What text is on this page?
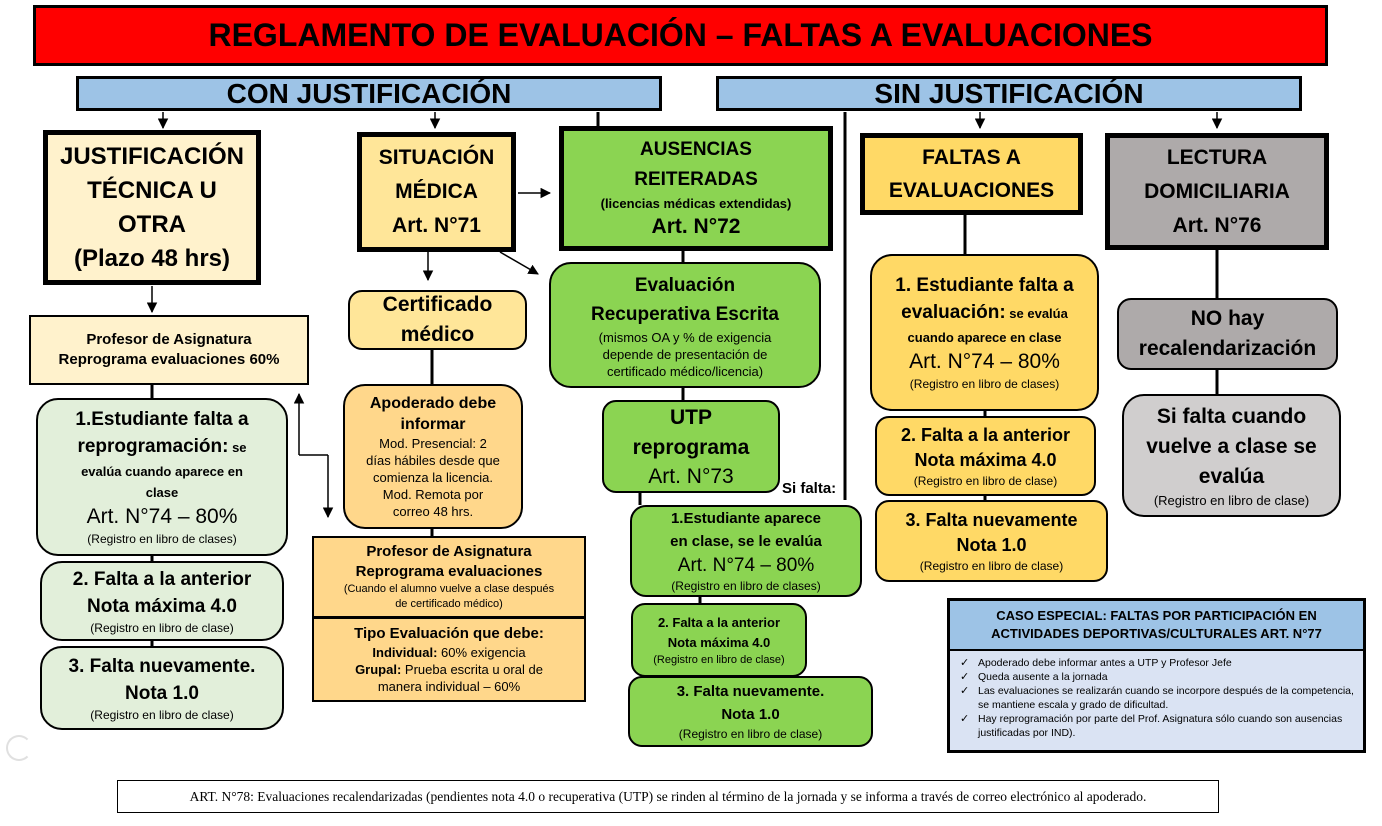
REGLAMENTO DE EVALUACIÓN – FALTAS A EVALUACIONES
CON JUSTIFICACIÓN	SIN JUSTIFICACIÓN
JUSTIFICACIÓN
TÉCNICA U
OTRA
(Plazo 48 hrs)
Profesor de Asignatura
Reprograma evaluaciones 60%
1.Estudiante falta a
reprogramación: se
evalúa cuando aparece en
clase
Art. N°74 – 80%
(Registro en libro de clases)
2. Falta a la anterior
Nota máxima 4.0
(Registro en libro de clase)
3. Falta nuevamente.
Nota 1.0
(Registro en libro de clase)
SITUACIÓN
MÉDICA
Art. N°71
Certificado
médico
Apoderado debe
informar
Mod. Presencial: 2
días hábiles desde que
comienza la licencia.
Mod. Remota por
correo 48 hrs.
Profesor de Asignatura
Reprograma evaluaciones
(Cuando el alumno vuelve a clase después
de certificado médico)
Tipo Evaluación que debe:
Individual: 60% exigencia
Grupal: Prueba escrita u oral de
manera individual – 60%
AUSENCIAS
REITERADAS
(licencias médicas extendidas)
Art. N°72
Evaluación
Recuperativa Escrita
(mismos OA y % de exigencia
depende de presentación de
certificado médico/licencia)
UTP
reprograma
Art. N°73
Si falta:
1.Estudiante aparece
en clase, se le evalúa
Art. N°74 – 80%
(Registro en libro de clases)
2. Falta a la anterior
Nota máxima 4.0
(Registro en libro de clase)
3. Falta nuevamente.
Nota 1.0
(Registro en libro de clase)
FALTAS A
EVALUACIONES
1. Estudiante falta a
evaluación: se evalúa
cuando aparece en clase
Art. N°74 – 80%
(Registro en libro de clases)
2. Falta a la anterior
Nota máxima 4.0
(Registro en libro de clase)
3. Falta nuevamente
Nota 1.0
(Registro en libro de clase)
LECTURA
DOMICILIARIA
Art. N°76
NO hay
recalendarización
Si falta cuando
vuelve a clase se
evalúa
(Registro en libro de clase)
CASO ESPECIAL: FALTAS POR PARTICIPACIÓN EN
ACTIVIDADES DEPORTIVAS/CULTURALES ART. N°77
✓ Apoderado debe informar antes a UTP y Profesor Jefe
✓ Queda ausente a la jornada
✓ Las evaluaciones se realizarán cuando se incorpore después de la competencia, se mantiene escala y grado de dificultad.
✓ Hay reprogramación por parte del Prof. Asignatura sólo cuando son ausencias justificadas por IND).
ART. N°78: Evaluaciones recalendarizadas (pendientes nota 4.0 o recuperativa (UTP) se rinden al término de la jornada y se informa a través de correo electrónico al apoderado.
